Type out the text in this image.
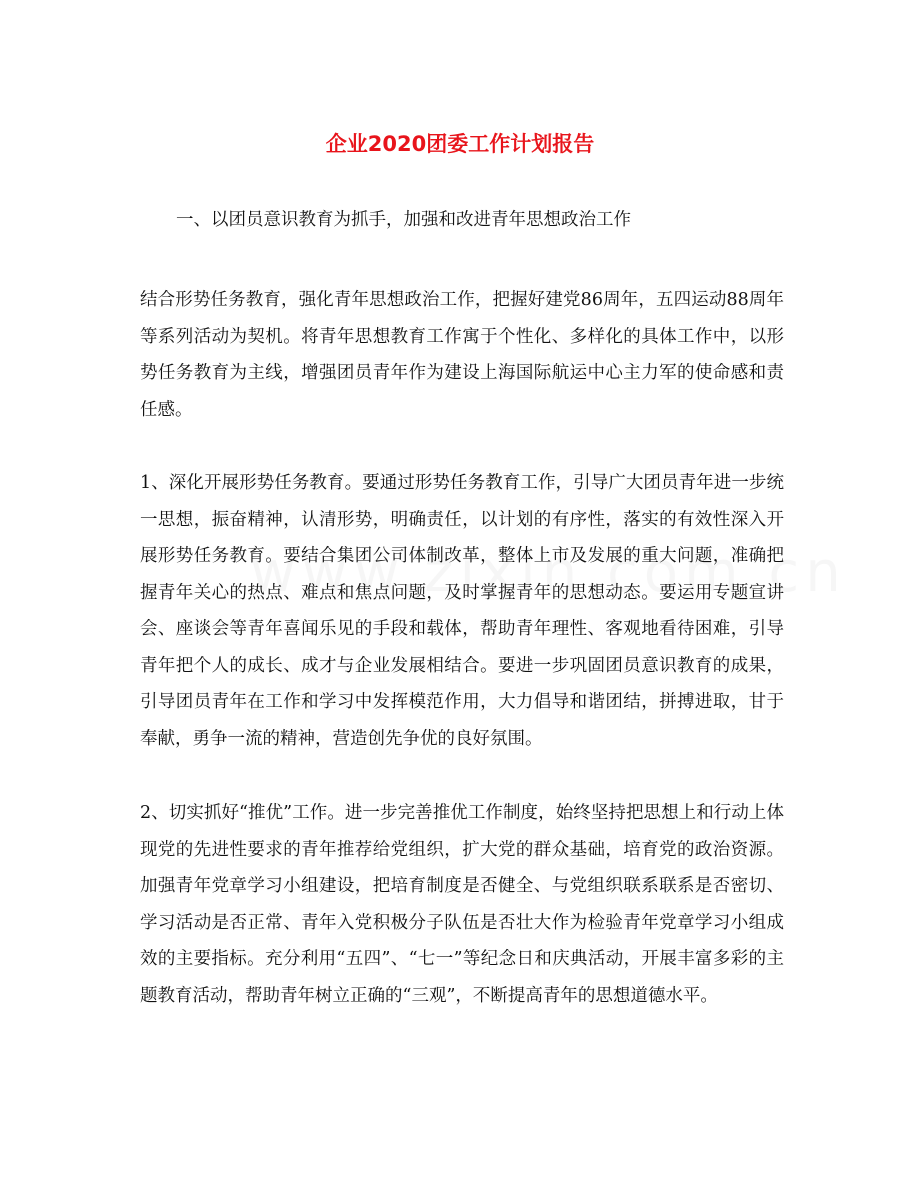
企业2020团委工作计划报告
一、以团员意识教育为抓手，加强和改进青年思想政治工作

结合形势任务教育，强化青年思想政治工作，把握好建党86周年，五四运动88周年等系列活动为契机。将青年思想教育工作寓于个性化、多样化的具体工作中，以形势任务教育为主线，增强团员青年作为建设上海国际航运中心主力军的使命感和责任感。

1、深化开展形势任务教育。要通过形势任务教育工作，引导广大团员青年进一步统一思想，振奋精神，认清形势，明确责任，以计划的有序性，落实的有效性深入开展形势任务教育。要结合集团公司体制改革，整体上市及发展的重大问题，准确把握青年关心的热点、难点和焦点问题，及时掌握青年的思想动态。要运用专题宣讲会、座谈会等青年喜闻乐见的手段和载体，帮助青年理性、客观地看待困难，引导青年把个人的成长、成才与企业发展相结合。要进一步巩固团员意识教育的成果，引导团员青年在工作和学习中发挥模范作用，大力倡导和谐团结，拼搏进取，甘于奉献，勇争一流的精神，营造创先争优的良好氛围。

2、切实抓好“推优”工作。进一步完善推优工作制度，始终坚持把思想上和行动上体现党的先进性要求的青年推荐给党组织，扩大党的群众基础，培育党的政治资源。加强青年党章学习小组建设，把培育制度是否健全、与党组织联系联系是否密切、学习活动是否正常、青年入党积极分子队伍是否壮大作为检验青年党章学习小组成效的主要指标。充分利用“五四”、“七一”等纪念日和庆典活动，开展丰富多彩的主题教育活动，帮助青年树立正确的“三观”，不断提高青年的思想道德水平。
